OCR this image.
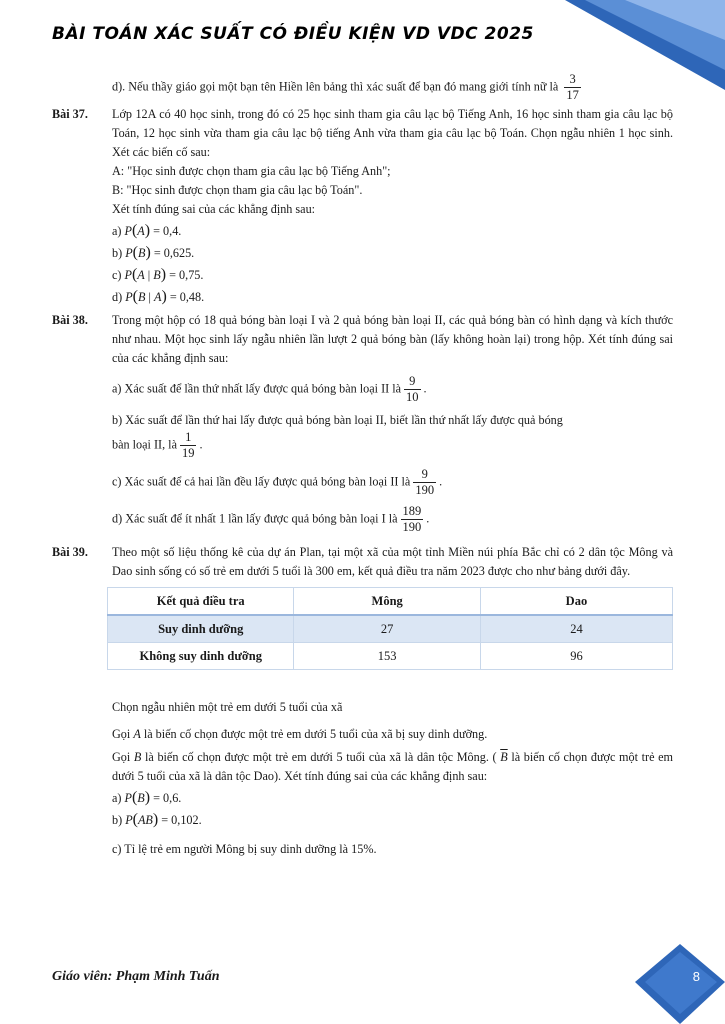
BÀI TOÁN XÁC SUẤT CÓ ĐIỀU KIỆN VD VDC 2025
d). Nếu thầy giáo gọi một bạn tên Hiền lên bảng thì xác suất để bạn đó mang giới tính nữ là $\frac{3}{17}$
Bài 37. Lớp 12A có 40 học sinh, trong đó có 25 học sinh tham gia câu lạc bộ Tiếng Anh, 16 học sinh tham gia câu lạc bộ Toán, 12 học sinh vừa tham gia câu lạc bộ tiếng Anh vừa tham gia câu lạc bộ Toán. Chọn ngẫu nhiên 1 học sinh. Xét các biến cố sau:
A: "Học sinh được chọn tham gia câu lạc bộ Tiếng Anh";
B: "Học sinh được chọn tham gia câu lạc bộ Toán".
Xét tính đúng sai của các khẳng định sau:
a) P(A) = 0,4.
b) P(B) = 0,625.
c) P(A | B) = 0,75.
d) P(B | A) = 0,48.
Bài 38. Trong một hộp có 18 quả bóng bàn loại I và 2 quả bóng bàn loại II, các quả bóng bàn có hình dạng và kích thước như nhau. Một học sinh lấy ngẫu nhiên lần lượt 2 quả bóng bàn (lấy không hoàn lại) trong hộp. Xét tính đúng sai của các khẳng định sau:
a) Xác suất để lần thứ nhất lấy được quả bóng bàn loại II là $\frac{9}{10}$ .
b) Xác suất để lần thứ hai lấy được quả bóng bàn loại II, biết lần thứ nhất lấy được quả bóng
bàn loại II, là $\frac{1}{19}$ .
c) Xác suất để cả hai lần đều lấy được quả bóng bàn loại II là $\frac{9}{190}$ .
d) Xác suất để ít nhất 1 lần lấy được quả bóng bàn loại I là $\frac{189}{190}$ .
Bài 39. Theo một số liệu thống kê của dự án Plan, tại một xã của một tỉnh Miền núi phía Bắc chỉ có 2 dân tộc Mông và Dao sinh sống có số trẻ em dưới 5 tuổi là 300 em, kết quả điều tra năm 2023 được cho như bảng dưới đây.
Kết quả điều tra	Mông	Dao
Suy dinh dưỡng	27	24
Không suy dinh dưỡng	153	96
Chọn ngẫu nhiên một trẻ em dưới 5 tuổi của xã
Gọi A là biến cố chọn được một trẻ em dưới 5 tuổi của xã bị suy dinh dưỡng.
Gọi B là biến cố chọn được một trẻ em dưới 5 tuổi của xã là dân tộc Mông. ( $\overline{B}$ là biến cố chọn được một trẻ em dưới 5 tuổi của xã là dân tộc Dao). Xét tính đúng sai của các khẳng định sau:
a) P(B) = 0,6.
b) P(AB) = 0,102.
c) Tỉ lệ trẻ em người Mông bị suy dinh dưỡng là 15%.
Giáo viên: Phạm Minh Tuấn	8
